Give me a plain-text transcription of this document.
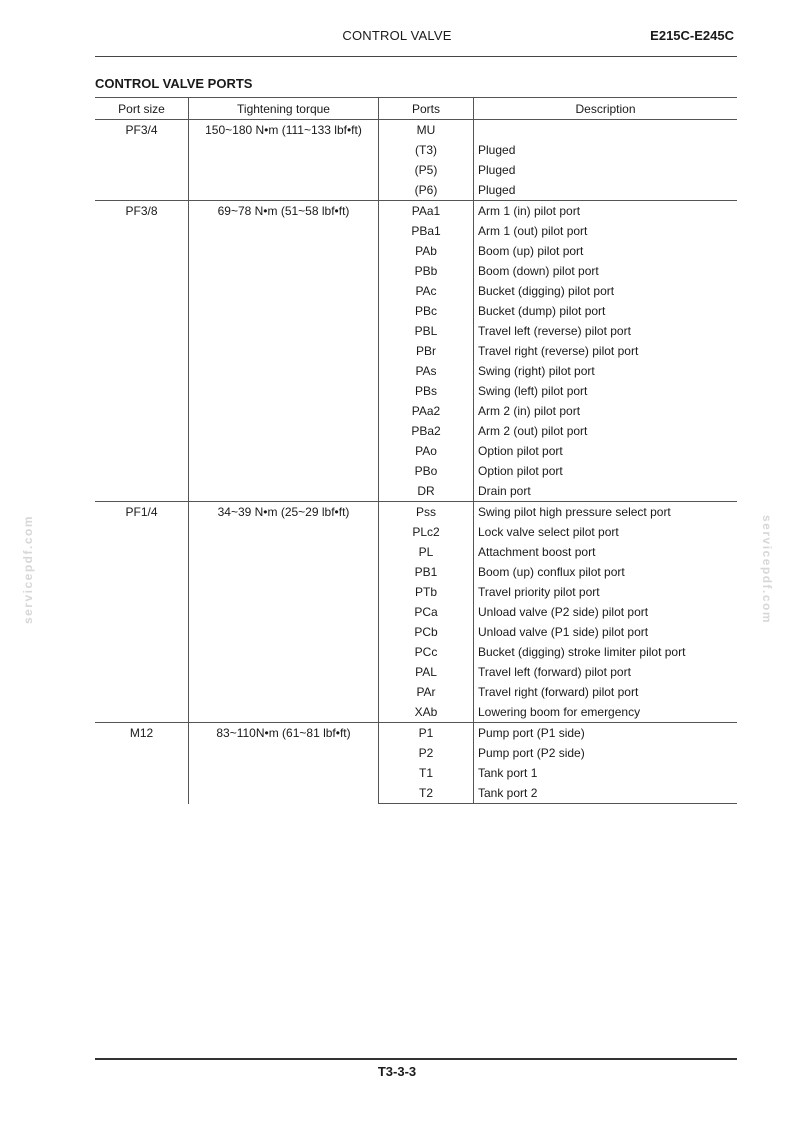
CONTROL VALVE	E215C-E245C
CONTROL VALVE PORTS
Port size	Tightening torque	Ports	Description

PF3/4	150~180 N•m (111~133 lbf•ft)	MU	
		(T3)	Pluged
		(P5)	Pluged
		(P6)	Pluged

PF3/8	69~78 N•m (51~58 lbf•ft)	PAa1	Arm 1 (in) pilot port
		PBa1	Arm 1 (out) pilot port
		PAb	Boom (up) pilot port
		PBb	Boom (down) pilot port
		PAc	Bucket (digging) pilot port
		PBc	Bucket (dump) pilot port
		PBL	Travel left (reverse) pilot port
		PBr	Travel right (reverse) pilot port
		PAs	Swing (right) pilot port
		PBs	Swing (left) pilot port
		PAa2	Arm 2 (in) pilot port
		PBa2	Arm 2 (out) pilot port
		PAo	Option pilot port
		PBo	Option pilot port
		DR	Drain port

PF1/4	34~39 N•m (25~29 lbf•ft)	Pss	Swing pilot high pressure select port
		PLc2	Lock valve select pilot port
		PL	Attachment boost port
		PB1	Boom (up) conflux pilot port
		PTb	Travel priority pilot port
		PCa	Unload valve (P2 side) pilot port
		PCb	Unload valve (P1 side) pilot port
		PCc	Bucket (digging) stroke limiter pilot port
		PAL	Travel left (forward) pilot port
		PAr	Travel right (forward) pilot port
		XAb	Lowering boom for emergency

M12	83~110N•m (61~81 lbf•ft)	P1	Pump port (P1 side)
		P2	Pump port (P2 side)
		T1	Tank port 1
		T2	Tank port 2
T3-3-3
servicepdf.com	servicepdf.com
